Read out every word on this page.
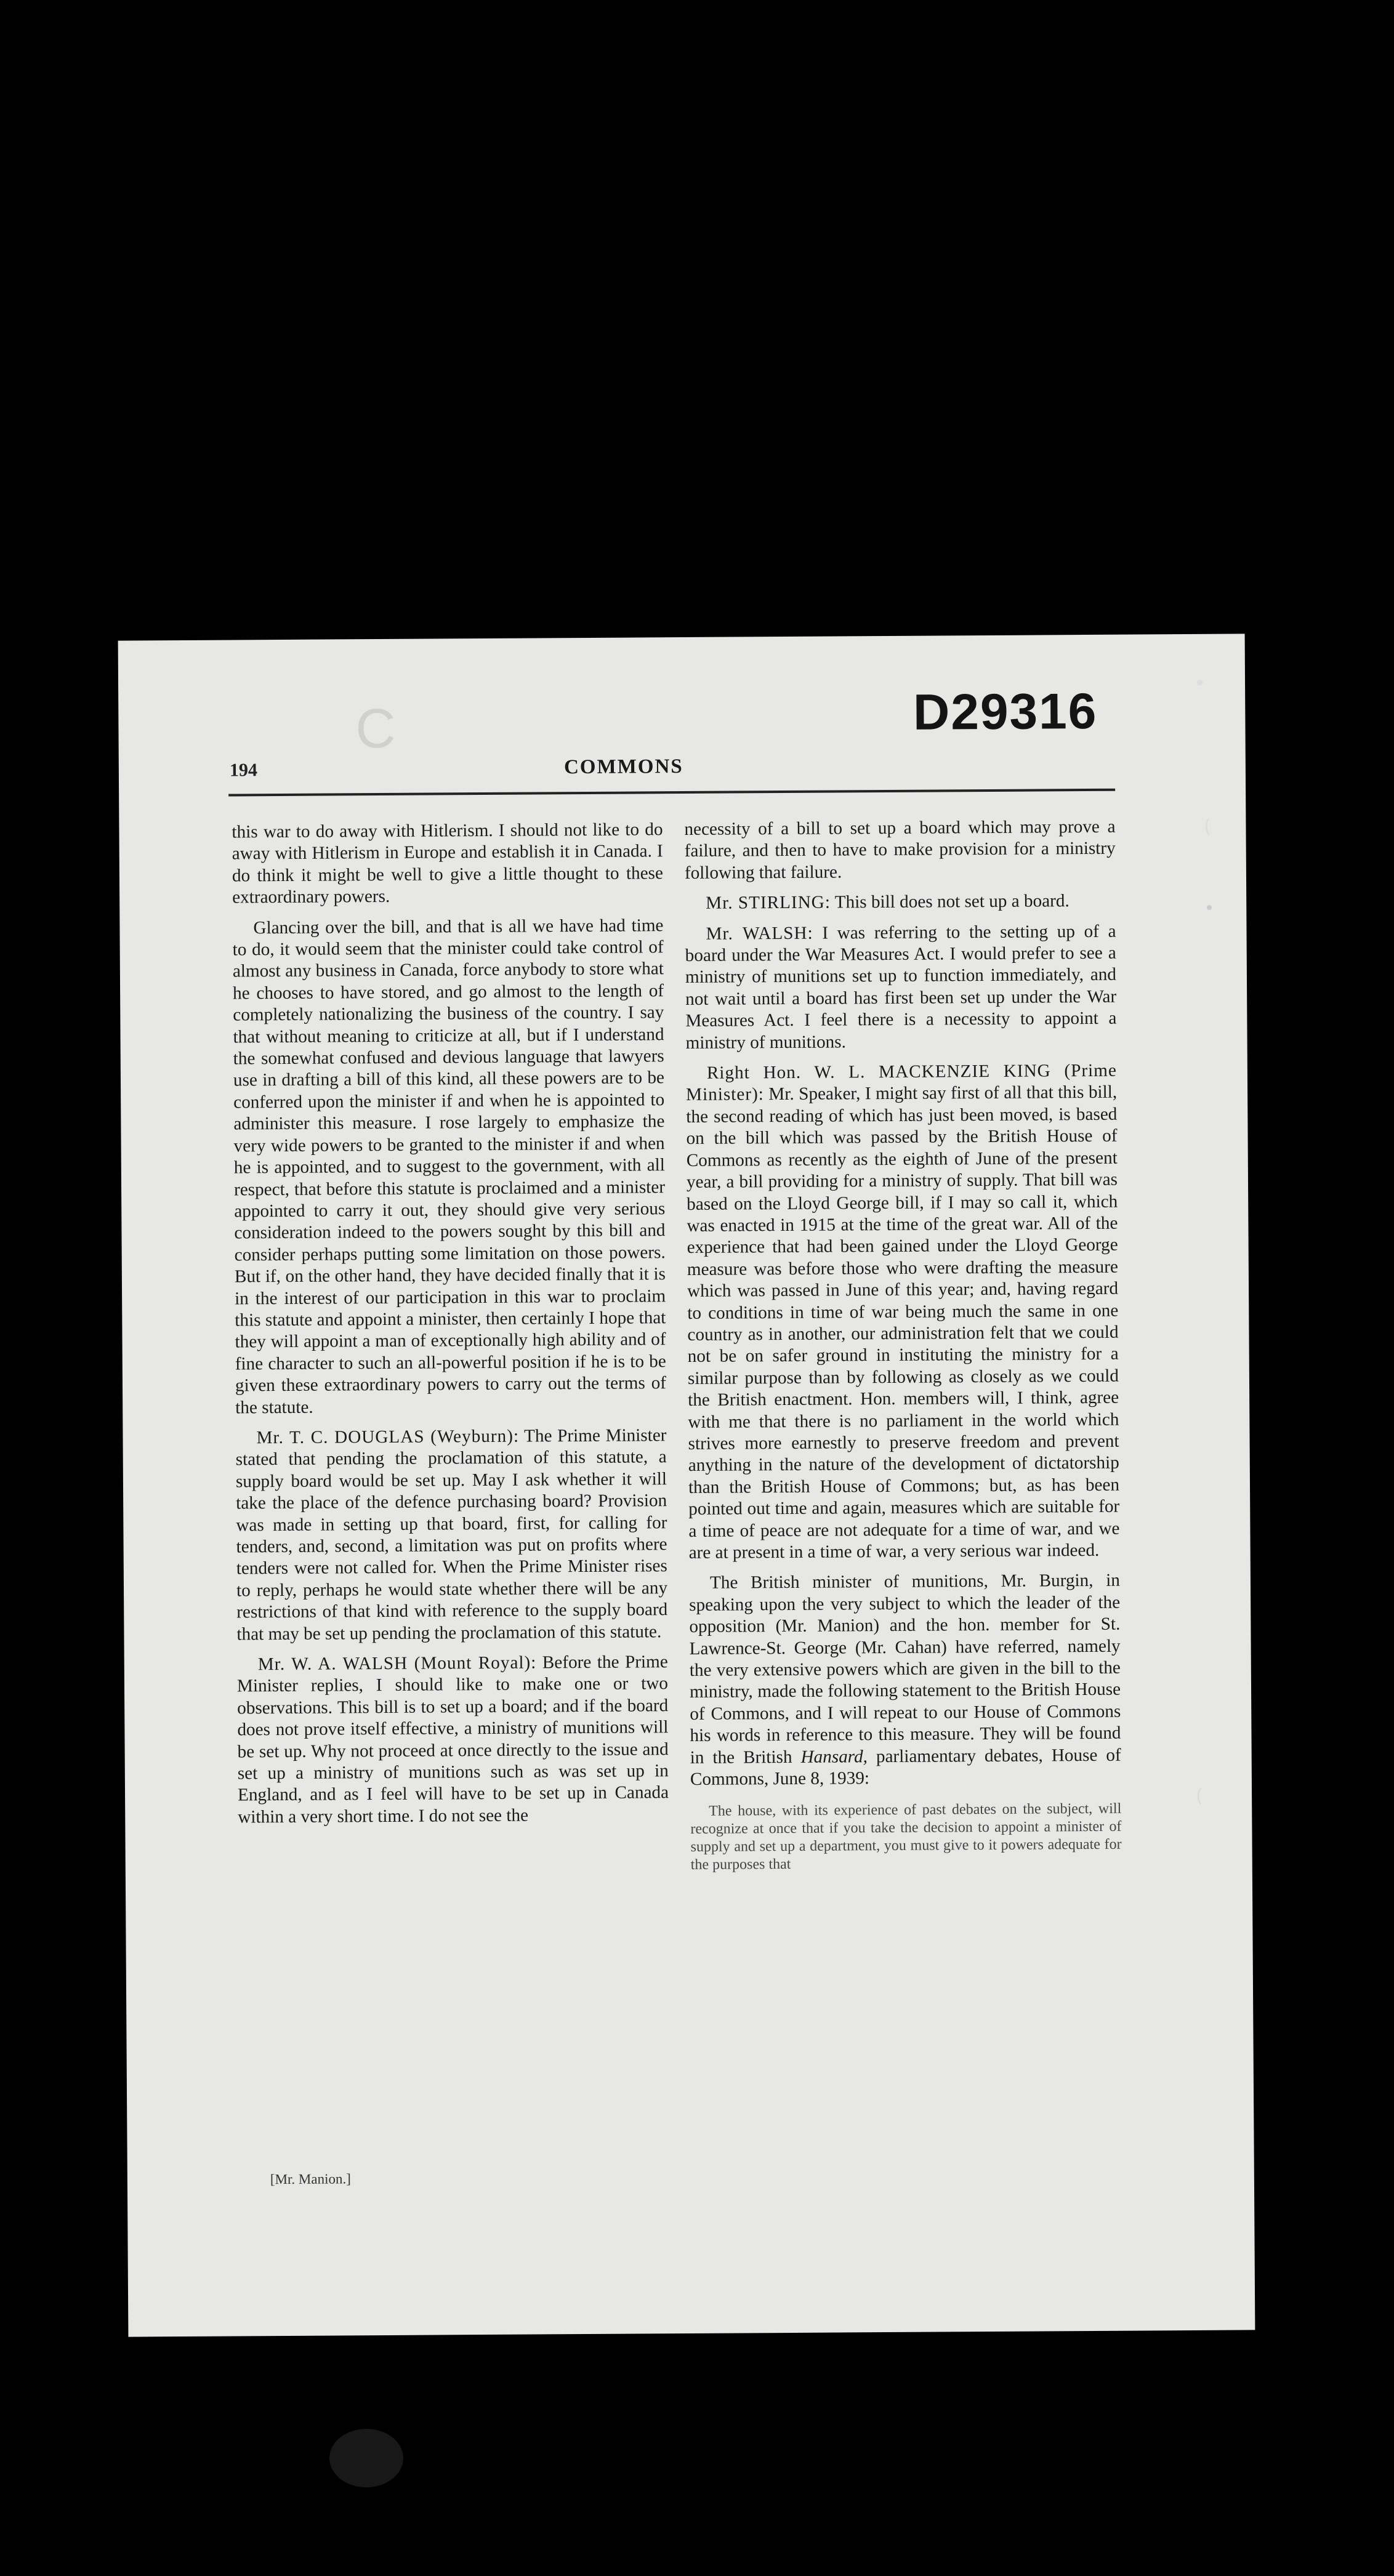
C	D29316
194	COMMONS

this war to do away with Hitlerism. I should not like to do away with Hitlerism in Europe and establish it in Canada. I do think it might be well to give a little thought to these extraordinary powers.

Glancing over the bill, and that is all we have had time to do, it would seem that the minister could take control of almost any business in Canada, force anybody to store what he chooses to have stored, and go almost to the length of completely nationalizing the business of the country. I say that without meaning to criticize at all, but if I understand the somewhat confused and devious language that lawyers use in drafting a bill of this kind, all these powers are to be conferred upon the minister if and when he is appointed to administer this measure. I rose largely to emphasize the very wide powers to be granted to the minister if and when he is appointed, and to suggest to the government, with all respect, that before this statute is proclaimed and a minister appointed to carry it out, they should give very serious consideration indeed to the powers sought by this bill and consider perhaps putting some limitation on those powers. But if, on the other hand, they have decided finally that it is in the interest of our participation in this war to proclaim this statute and appoint a minister, then certainly I hope that they will appoint a man of exceptionally high ability and of fine character to such an all-powerful position if he is to be given these extraordinary powers to carry out the terms of the statute.

Mr. T. C. DOUGLAS (Weyburn): The Prime Minister stated that pending the proclamation of this statute, a supply board would be set up. May I ask whether it will take the place of the defence purchasing board? Provision was made in setting up that board, first, for calling for tenders, and, second, a limitation was put on profits where tenders were not called for. When the Prime Minister rises to reply, perhaps he would state whether there will be any restrictions of that kind with reference to the supply board that may be set up pending the proclamation of this statute.

Mr. W. A. WALSH (Mount Royal): Before the Prime Minister replies, I should like to make one or two observations. This bill is to set up a board; and if the board does not prove itself effective, a ministry of munitions will be set up. Why not proceed at once directly to the issue and set up a ministry of munitions such as was set up in England, and as I feel will have to be set up in Canada within a very short time. I do not see the

[Mr. Manion.]

necessity of a bill to set up a board which may prove a failure, and then to have to make provision for a ministry following that failure.

Mr. STIRLING: This bill does not set up a board.

Mr. WALSH: I was referring to the setting up of a board under the War Measures Act. I would prefer to see a ministry of munitions set up to function immediately, and not wait until a board has first been set up under the War Measures Act. I feel there is a necessity to appoint a ministry of munitions.

Right Hon. W. L. MACKENZIE KING (Prime Minister): Mr. Speaker, I might say first of all that this bill, the second reading of which has just been moved, is based on the bill which was passed by the British House of Commons as recently as the eighth of June of the present year, a bill providing for a ministry of supply. That bill was based on the Lloyd George bill, if I may so call it, which was enacted in 1915 at the time of the great war. All of the experience that had been gained under the Lloyd George measure was before those who were drafting the measure which was passed in June of this year; and, having regard to conditions in time of war being much the same in one country as in another, our administration felt that we could not be on safer ground in instituting the ministry for a similar purpose than by following as closely as we could the British enactment. Hon. members will, I think, agree with me that there is no parliament in the world which strives more earnestly to preserve freedom and prevent anything in the nature of the development of dictatorship than the British House of Commons; but, as has been pointed out time and again, measures which are suitable for a time of peace are not adequate for a time of war, and we are at present in a time of war, a very serious war indeed.

The British minister of munitions, Mr. Burgin, in speaking upon the very subject to which the leader of the opposition (Mr. Manion) and the hon. member for St. Lawrence-St. George (Mr. Cahan) have referred, namely the very extensive powers which are given in the bill to the ministry, made the following statement to the British House of Commons, and I will repeat to our House of Commons his words in reference to this measure. They will be found in the British Hansard, parliamentary debates, House of Commons, June 8, 1939:

The house, with its experience of past debates on the subject, will recognize at once that if you take the decision to appoint a minister of supply and set up a department, you must give to it powers adequate for the purposes that

(
(
